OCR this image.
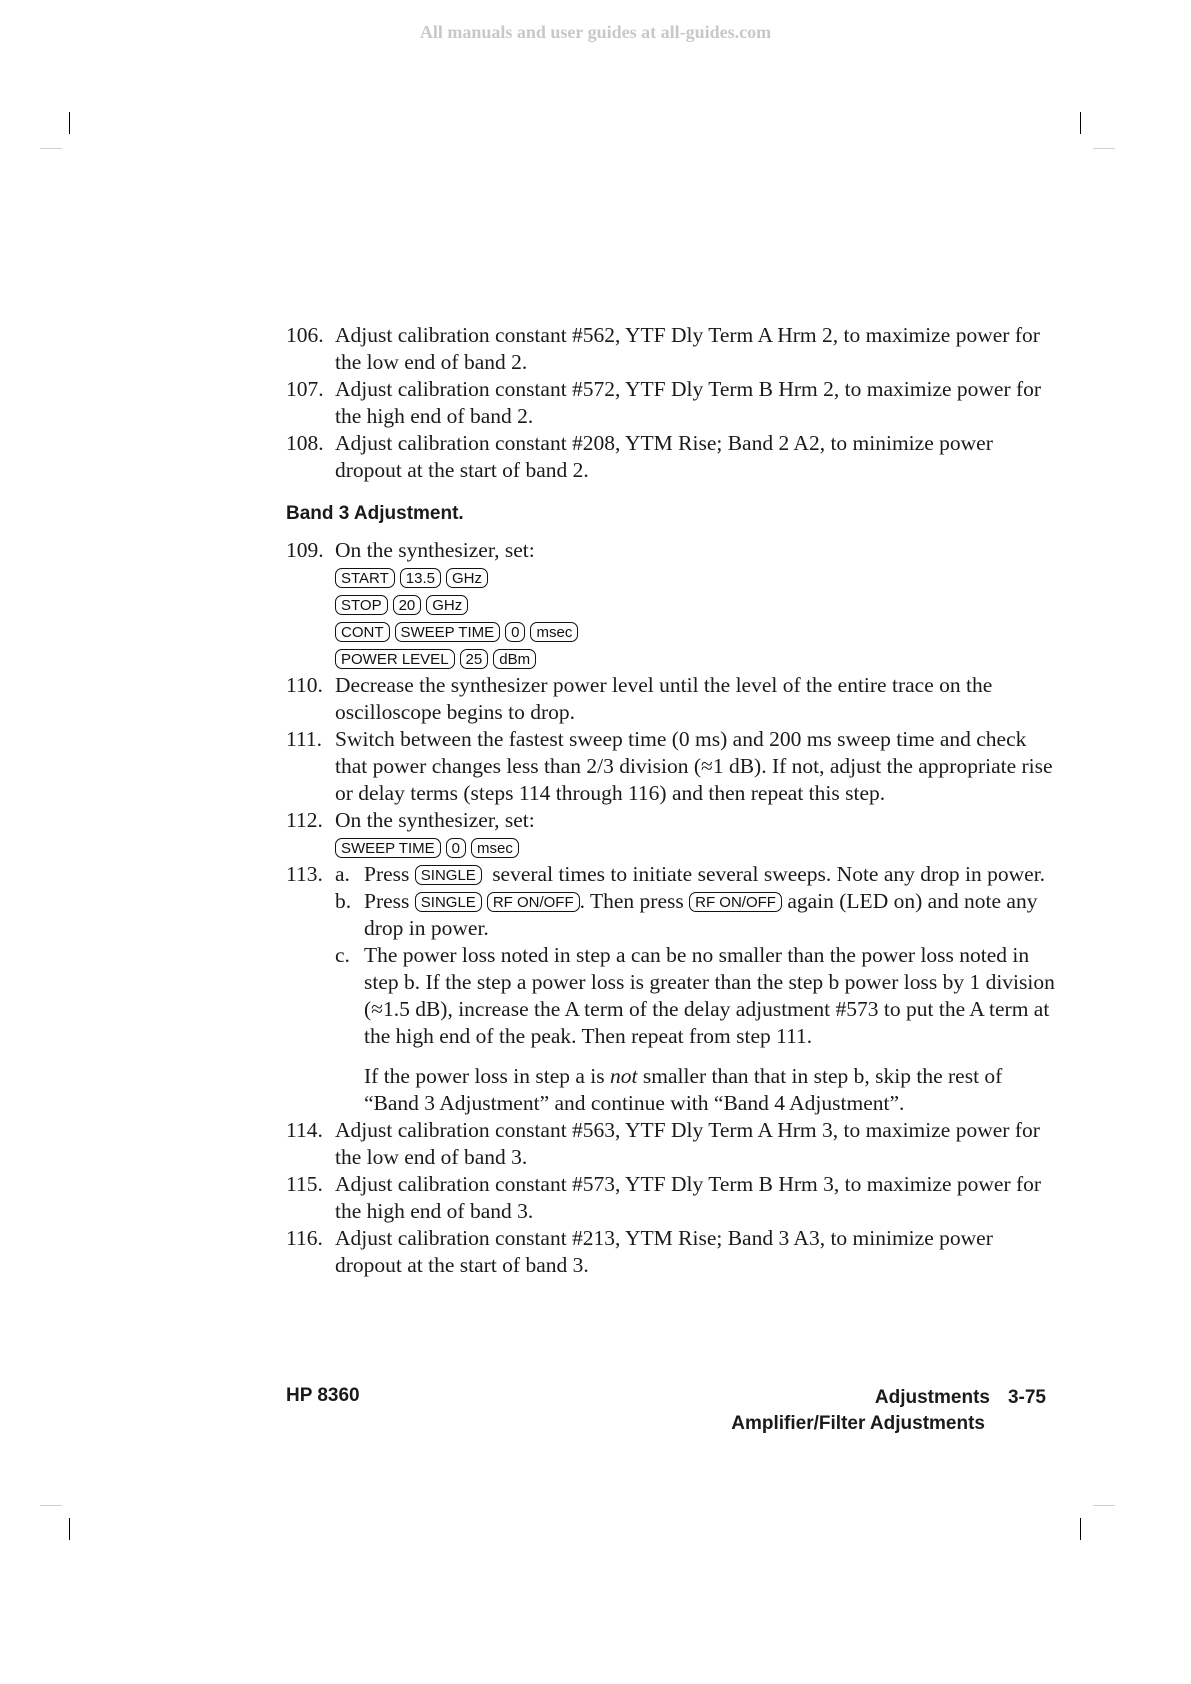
All manuals and user guides at all-guides.com
106. Adjust calibration constant #562, YTF Dly Term A Hrm 2, to maximize power for the low end of band 2.
107. Adjust calibration constant #572, YTF Dly Term B Hrm 2, to maximize power for the high end of band 2.
108. Adjust calibration constant #208, YTM Rise; Band 2 A2, to minimize power dropout at the start of band 2.
Band 3 Adjustment.
109. On the synthesizer, set:
START 13.5 GHz
STOP 20 GHz
CONT SWEEP TIME 0 msec
POWER LEVEL 25 dBm
110. Decrease the synthesizer power level until the level of the entire trace on the oscilloscope begins to drop.
111. Switch between the fastest sweep time (0 ms) and 200 ms sweep time and check that power changes less than 2/3 division (≈1 dB). If not, adjust the appropriate rise or delay terms (steps 114 through 116) and then repeat this step.
112. On the synthesizer, set:
SWEEP TIME 0 msec
113. a. Press SINGLE several times to initiate several sweeps. Note any drop in power.
b. Press SINGLE RF ON/OFF . Then press RF ON/OFF again (LED on) and note any drop in power.
c. The power loss noted in step a can be no smaller than the power loss noted in step b. If the step a power loss is greater than the step b power loss by 1 division (≈1.5 dB), increase the A term of the delay adjustment #573 to put the A term at the high end of the peak. Then repeat from step 111.
If the power loss in step a is not smaller than that in step b, skip the rest of “Band 3 Adjustment” and continue with “Band 4 Adjustment”.
114. Adjust calibration constant #563, YTF Dly Term A Hrm 3, to maximize power for the low end of band 3.
115. Adjust calibration constant #573, YTF Dly Term B Hrm 3, to maximize power for the high end of band 3.
116. Adjust calibration constant #213, YTM Rise; Band 3 A3, to minimize power dropout at the start of band 3.
HP 8360	Adjustments 3-75
Amplifier/Filter Adjustments
